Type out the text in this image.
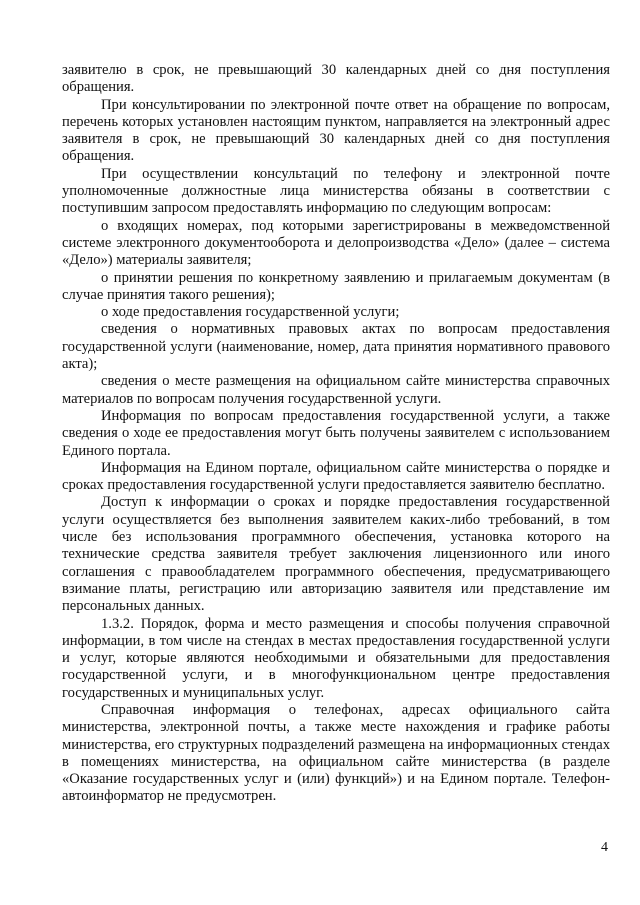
заявителю в срок, не превышающий 30 календарных дней со дня поступления обращения.

При консультировании по электронной почте ответ на обращение по вопросам, перечень которых установлен настоящим пунктом, направляется на электронный адрес заявителя в срок, не превышающий 30 календарных дней со дня поступления обращения.

При осуществлении консультаций по телефону и электронной почте уполномоченные должностные лица министерства обязаны в соответствии с поступившим запросом предоставлять информацию по следующим вопросам:

о входящих номерах, под которыми зарегистрированы в межведомственной системе электронного документооборота и делопроизводства «Дело» (далее – система «Дело») материалы заявителя;

о принятии решения по конкретному заявлению и прилагаемым документам (в случае принятия такого решения);

о ходе предоставления государственной услуги;

сведения о нормативных правовых актах по вопросам предоставления государственной услуги (наименование, номер, дата принятия нормативного правового акта);

сведения о месте размещения на официальном сайте министерства справочных материалов по вопросам получения государственной услуги.

Информация по вопросам предоставления государственной услуги, а также сведения о ходе ее предоставления могут быть получены заявителем с использованием Единого портала.

Информация на Едином портале, официальном сайте министерства о порядке и сроках предоставления государственной услуги предоставляется заявителю бесплатно.

Доступ к информации о сроках и порядке предоставления государственной услуги осуществляется без выполнения заявителем каких-либо требований, в том числе без использования программного обеспечения, установка которого на технические средства заявителя требует заключения лицензионного или иного соглашения с правообладателем программного обеспечения, предусматривающего взимание платы, регистрацию или авторизацию заявителя или представление им персональных данных.

1.3.2. Порядок, форма и место размещения и способы получения справочной информации, в том числе на стендах в местах предоставления государственной услуги и услуг, которые являются необходимыми и обязательными для предоставления государственной услуги, и в многофункциональном центре предоставления государственных и муниципальных услуг.

Справочная информация о телефонах, адресах официального сайта министерства, электронной почты, а также месте нахождения и графике работы министерства, его структурных подразделений размещена на информационных стендах в помещениях министерства, на официальном сайте министерства (в разделе «Оказание государственных услуг и (или) функций») и на Едином портале. Телефон-автоинформатор не предусмотрен.

4
